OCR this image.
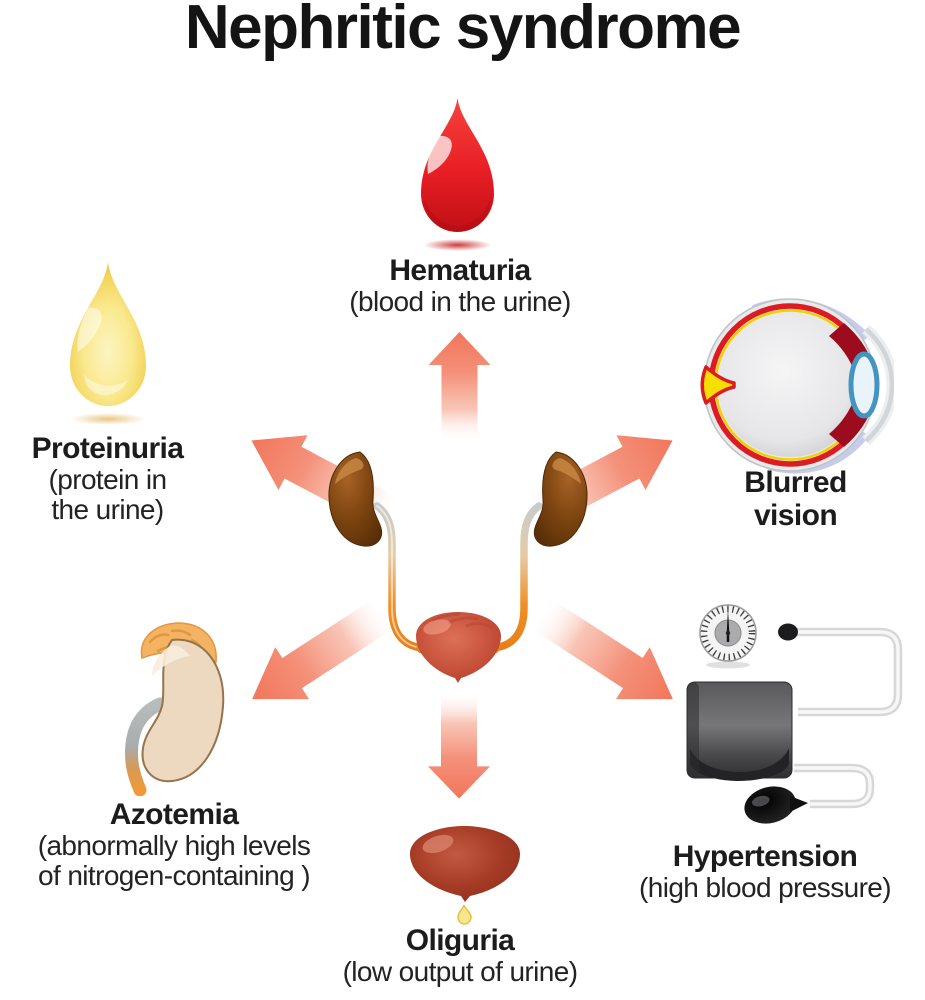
Nephritic syndrome
Hematuria
(blood in the urine)
Proteinuria
(protein in
the urine)
Blurred
vision
Azotemia
(abnormally high levels
of nitrogen-containing )
Hypertension
(high blood pressure)
Oliguria
(low output of urine)
